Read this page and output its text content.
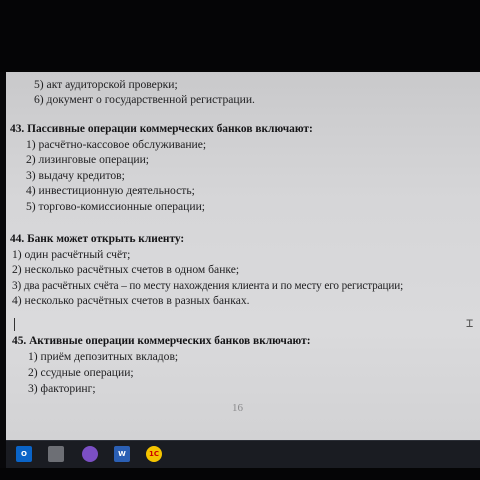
5) акт аудиторской проверки;
6) документ о государственной регистрации.
43. Пассивные операции коммерческих банков включают:
1) расчётно-кассовое обслуживание;
2) лизинговые операции;
3) выдачу кредитов;
4) инвестиционную деятельность;
5) торгово-комиссионные операции;
44. Банк может открыть клиенту:
1) один расчётный счёт;
2) несколько расчётных счетов в одном банке;
3) два расчётных счёта – по месту нахождения клиента и по месту его регистрации;
4) несколько расчётных счетов в разных банках.
⌶
45. Активные операции коммерческих банков включают:
1) приём депозитных вкладов;
2) ссудные операции;
3) факторинг;
16
O	W	1С
